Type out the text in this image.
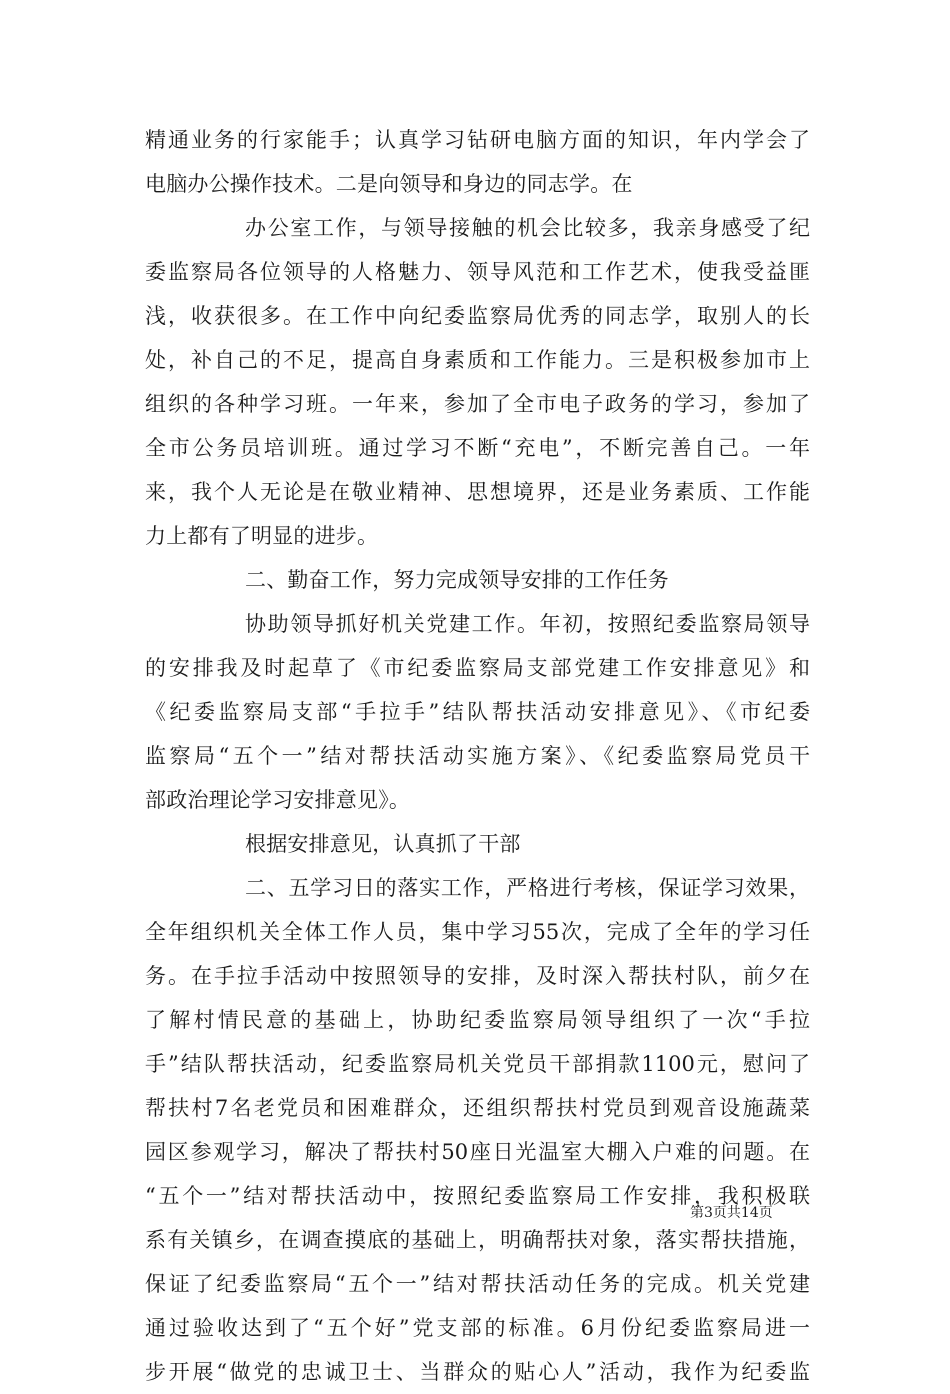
精通业务的行家能手；认真学习钻研电脑方面的知识，年内学会了
电脑办公操作技术。二是向领导和身边的同志学。在
办公室工作，与领导接触的机会比较多，我亲身感受了纪
委监察局各位领导的人格魅力、领导风范和工作艺术，使我受益匪
浅，收获很多。在工作中向纪委监察局优秀的同志学，取别人的长
处，补自己的不足，提高自身素质和工作能力。三是积极参加市上
组织的各种学习班。一年来，参加了全市电子政务的学习，参加了
全市公务员培训班。通过学习不断“充电”，不断完善自己。一年
来，我个人无论是在敬业精神、思想境界，还是业务素质、工作能
力上都有了明显的进步。
二、勤奋工作，努力完成领导安排的工作任务
协助领导抓好机关党建工作。年初，按照纪委监察局领导
的安排我及时起草了《市纪委监察局支部党建工作安排意见》和
《纪委监察局支部“手拉手”结队帮扶活动安排意见》、《市纪委
监察局“五个一”结对帮扶活动实施方案》、《纪委监察局党员干
部政治理论学习安排意见》。
根据安排意见，认真抓了干部
二、五学习日的落实工作，严格进行考核，保证学习效果，
全年组织机关全体工作人员，集中学习55次，完成了全年的学习任
务。在手拉手活动中按照领导的安排，及时深入帮扶村队，前夕在
了解村情民意的基础上，协助纪委监察局领导组织了一次“手拉
手”结队帮扶活动，纪委监察局机关党员干部捐款1100元，慰问了
帮扶村7名老党员和困难群众，还组织帮扶村党员到观音设施蔬菜
园区参观学习，解决了帮扶村50座日光温室大棚入户难的问题。在
“五个一”结对帮扶活动中，按照纪委监察局工作安排，我积极联
系有关镇乡，在调查摸底的基础上，明确帮扶对象，落实帮扶措施，
保证了纪委监察局“五个一”结对帮扶活动任务的完成。机关党建
通过验收达到了“五个好”党支部的标准。6月份纪委监察局进一
步开展“做党的忠诚卫士、当群众的贴心人”活动，我作为纪委监
第3页共14页
